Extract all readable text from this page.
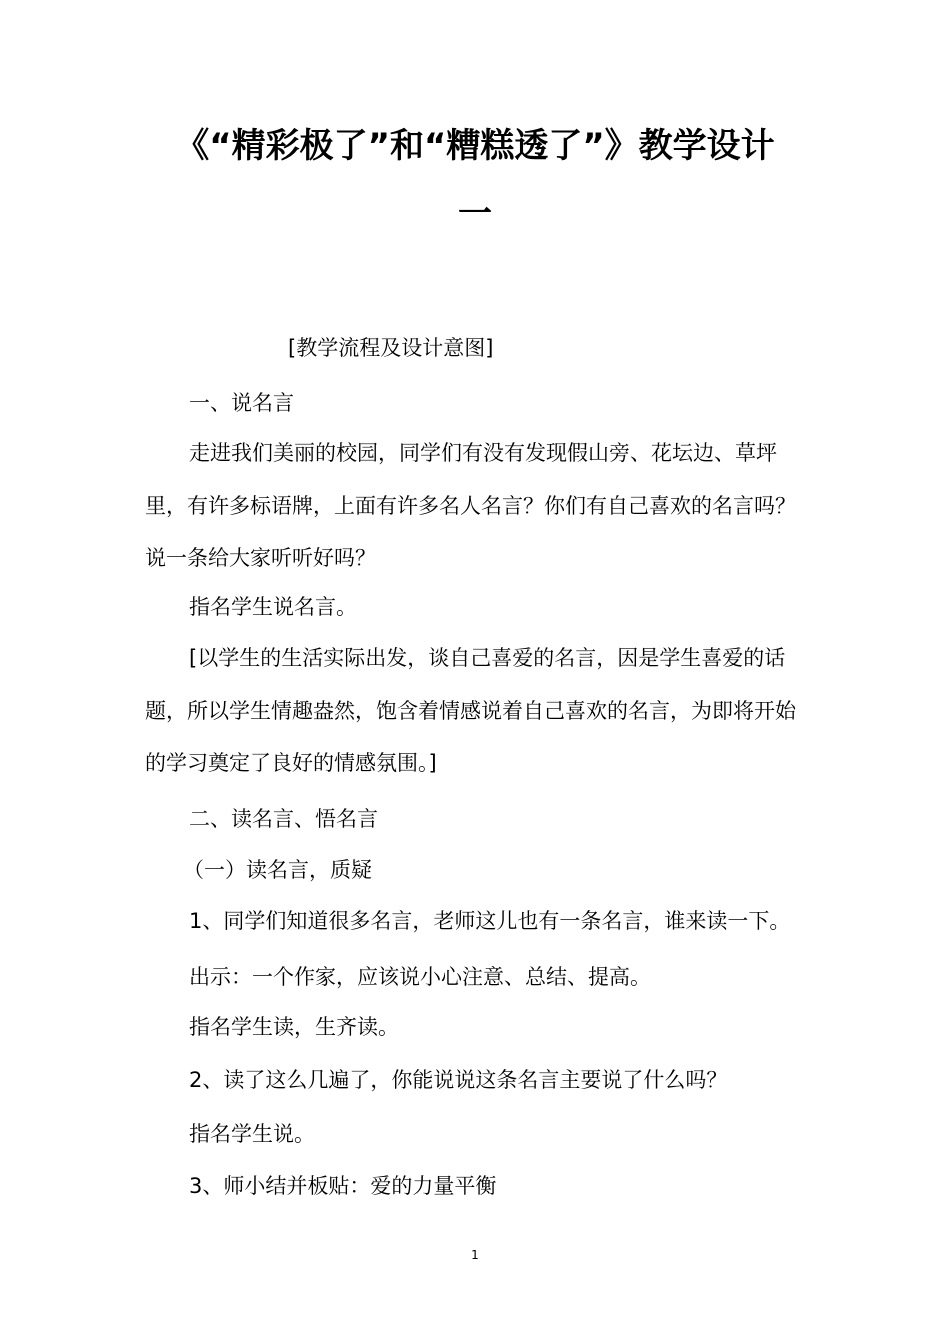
《“精彩极了”和“糟糕透了”》教学设计
一
[教学流程及设计意图]
一、说名言
走进我们美丽的校园，同学们有没有发现假山旁、花坛边、草坪里，有许多标语牌，上面有许多名人名言？你们有自己喜欢的名言吗？说一条给大家听听好吗？
指名学生说名言。
[以学生的生活实际出发，谈自己喜爱的名言，因是学生喜爱的话题，所以学生情趣盎然，饱含着情感说着自己喜欢的名言，为即将开始的学习奠定了良好的情感氛围。]
二、读名言、悟名言
（一）读名言，质疑
1、同学们知道很多名言，老师这儿也有一条名言，谁来读一下。
出示：一个作家，应该说小心注意、总结、提高。
指名学生读，生齐读。
2、读了这么几遍了，你能说说这条名言主要说了什么吗？
指名学生说。
3、师小结并板贴：爱的力量平衡
1
